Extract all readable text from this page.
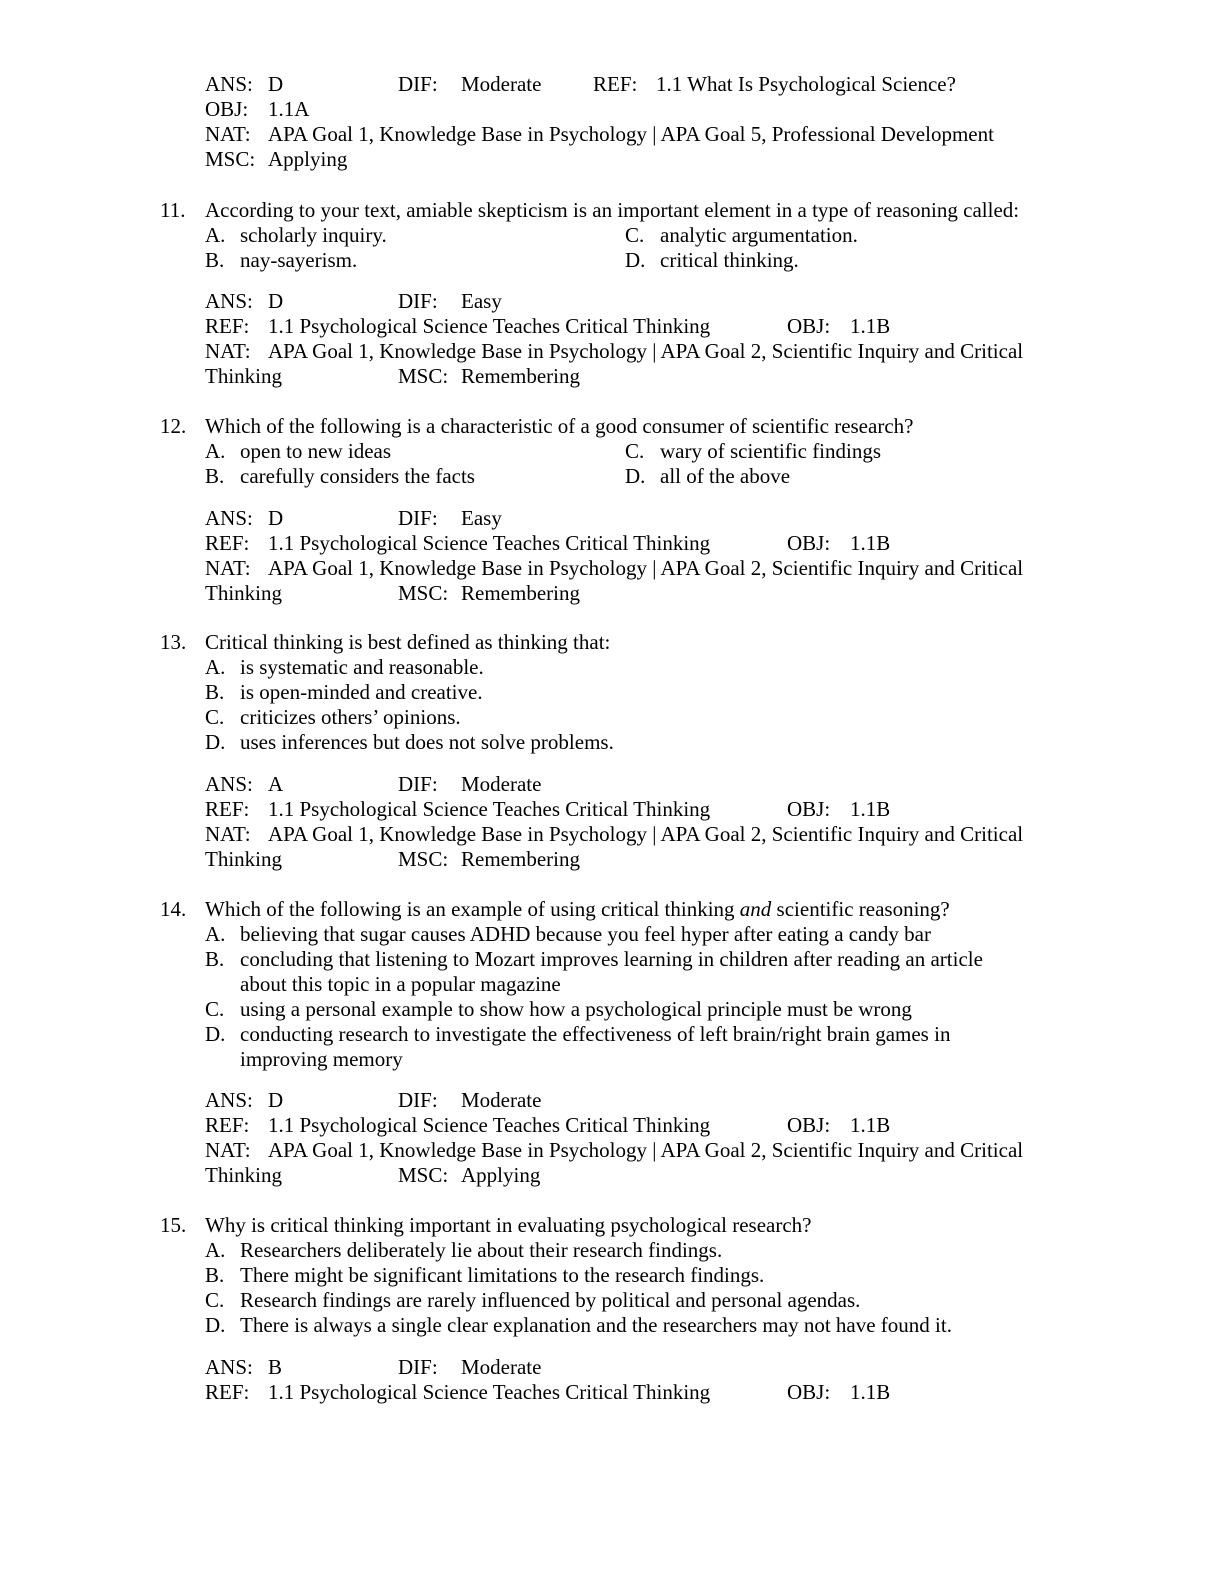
ANS: D	DIF: Moderate REF: 1.1 What Is Psychological Science?
OBJ: 1.1A
NAT: APA Goal 1, Knowledge Base in Psychology | APA Goal 5, Professional Development
MSC: Applying
11. According to your text, amiable skepticism is an important element in a type of reasoning called:
A. scholarly inquiry.
B. nay-sayerism.
C. analytic argumentation.
D. critical thinking.
ANS: D	DIF: Easy
REF: 1.1 Psychological Science Teaches Critical Thinking	OBJ: 1.1B
NAT: APA Goal 1, Knowledge Base in Psychology | APA Goal 2, Scientific Inquiry and Critical
Thinking	MSC: Remembering
12. Which of the following is a characteristic of a good consumer of scientific research?
A. open to new ideas
B. carefully considers the facts
C. wary of scientific findings
D. all of the above
ANS: D	DIF: Easy
REF: 1.1 Psychological Science Teaches Critical Thinking	OBJ: 1.1B
NAT: APA Goal 1, Knowledge Base in Psychology | APA Goal 2, Scientific Inquiry and Critical
Thinking	MSC: Remembering
13. Critical thinking is best defined as thinking that:
A. is systematic and reasonable.
B. is open-minded and creative.
C. criticizes others’ opinions.
D. uses inferences but does not solve problems.
ANS: A	DIF: Moderate
REF: 1.1 Psychological Science Teaches Critical Thinking	OBJ: 1.1B
NAT: APA Goal 1, Knowledge Base in Psychology | APA Goal 2, Scientific Inquiry and Critical
Thinking	MSC: Remembering
14. Which of the following is an example of using critical thinking and scientific reasoning?
A. believing that sugar causes ADHD because you feel hyper after eating a candy bar
B. concluding that listening to Mozart improves learning in children after reading an article
about this topic in a popular magazine
C. using a personal example to show how a psychological principle must be wrong
D. conducting research to investigate the effectiveness of left brain/right brain games in
improving memory
ANS: D	DIF: Moderate
REF: 1.1 Psychological Science Teaches Critical Thinking	OBJ: 1.1B
NAT: APA Goal 1, Knowledge Base in Psychology | APA Goal 2, Scientific Inquiry and Critical
Thinking	MSC: Applying
15. Why is critical thinking important in evaluating psychological research?
A. Researchers deliberately lie about their research findings.
B. There might be significant limitations to the research findings.
C. Research findings are rarely influenced by political and personal agendas.
D. There is always a single clear explanation and the researchers may not have found it.
ANS: B	DIF: Moderate
REF: 1.1 Psychological Science Teaches Critical Thinking	OBJ: 1.1B
